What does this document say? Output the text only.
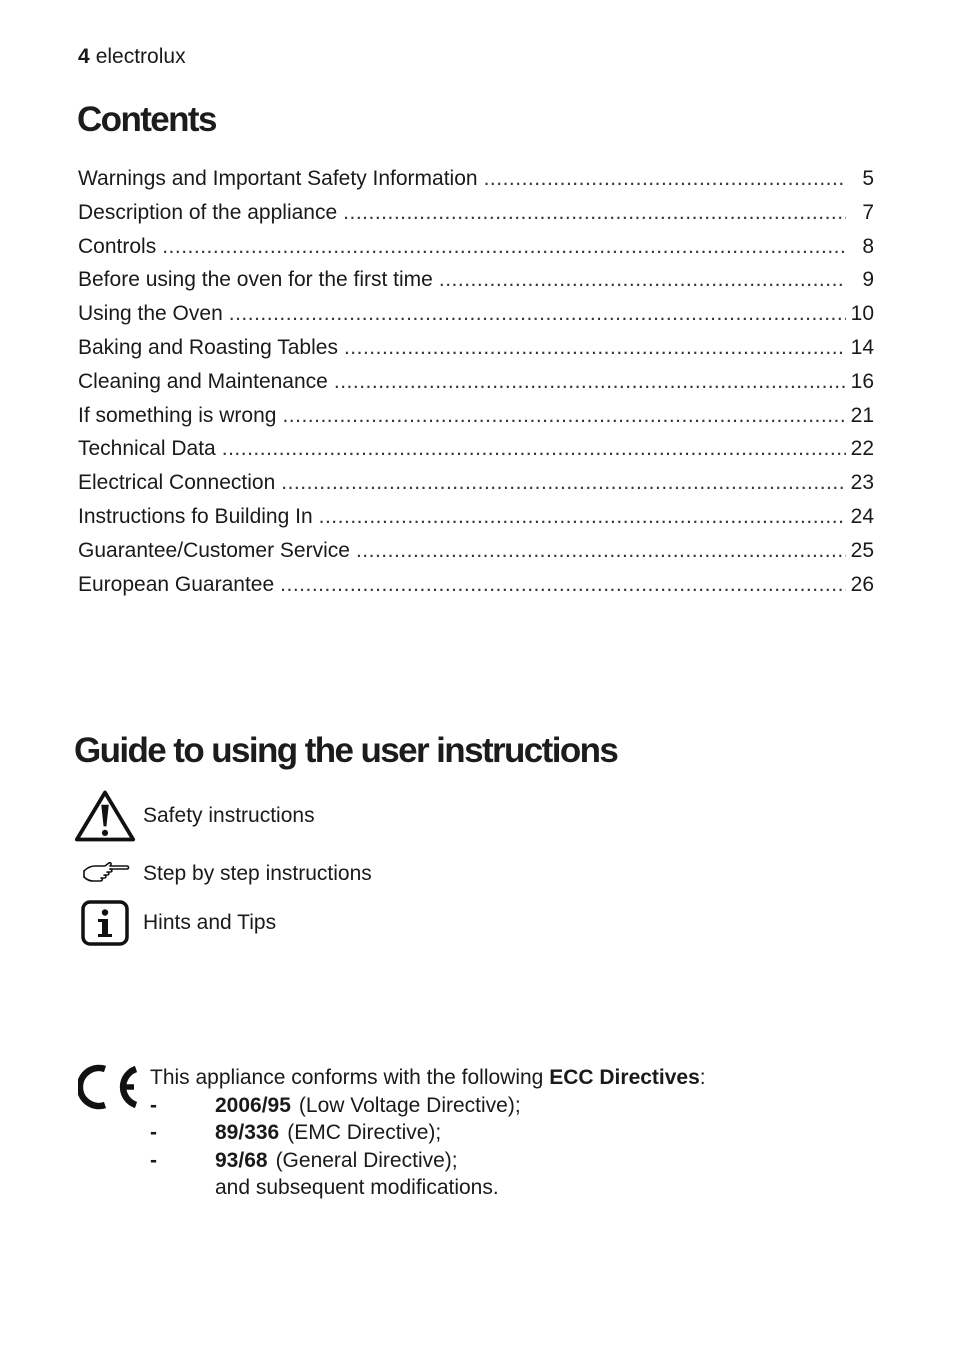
4 electrolux
Contents
Warnings and Important Safety Information .....	5
Description of the appliance .....	7
Controls .....	8
Before using the oven for the first time .....	9
Using the Oven .....	10
Baking and Roasting Tables .....	14
Cleaning and Maintenance .....	16
If something is wrong .....	21
Technical Data .....	22
Electrical Connection .....	23
Instructions fo Building In .....	24
Guarantee/Customer Service .....	25
European Guarantee .....	26
Guide to using the user instructions
Safety instructions
Step by step instructions
Hints and Tips
This appliance conforms with the following ECC Directives:
-	2006/95 (Low Voltage Directive);
-	89/336 (EMC Directive);
-	93/68 (General Directive);
and subsequent modifications.
